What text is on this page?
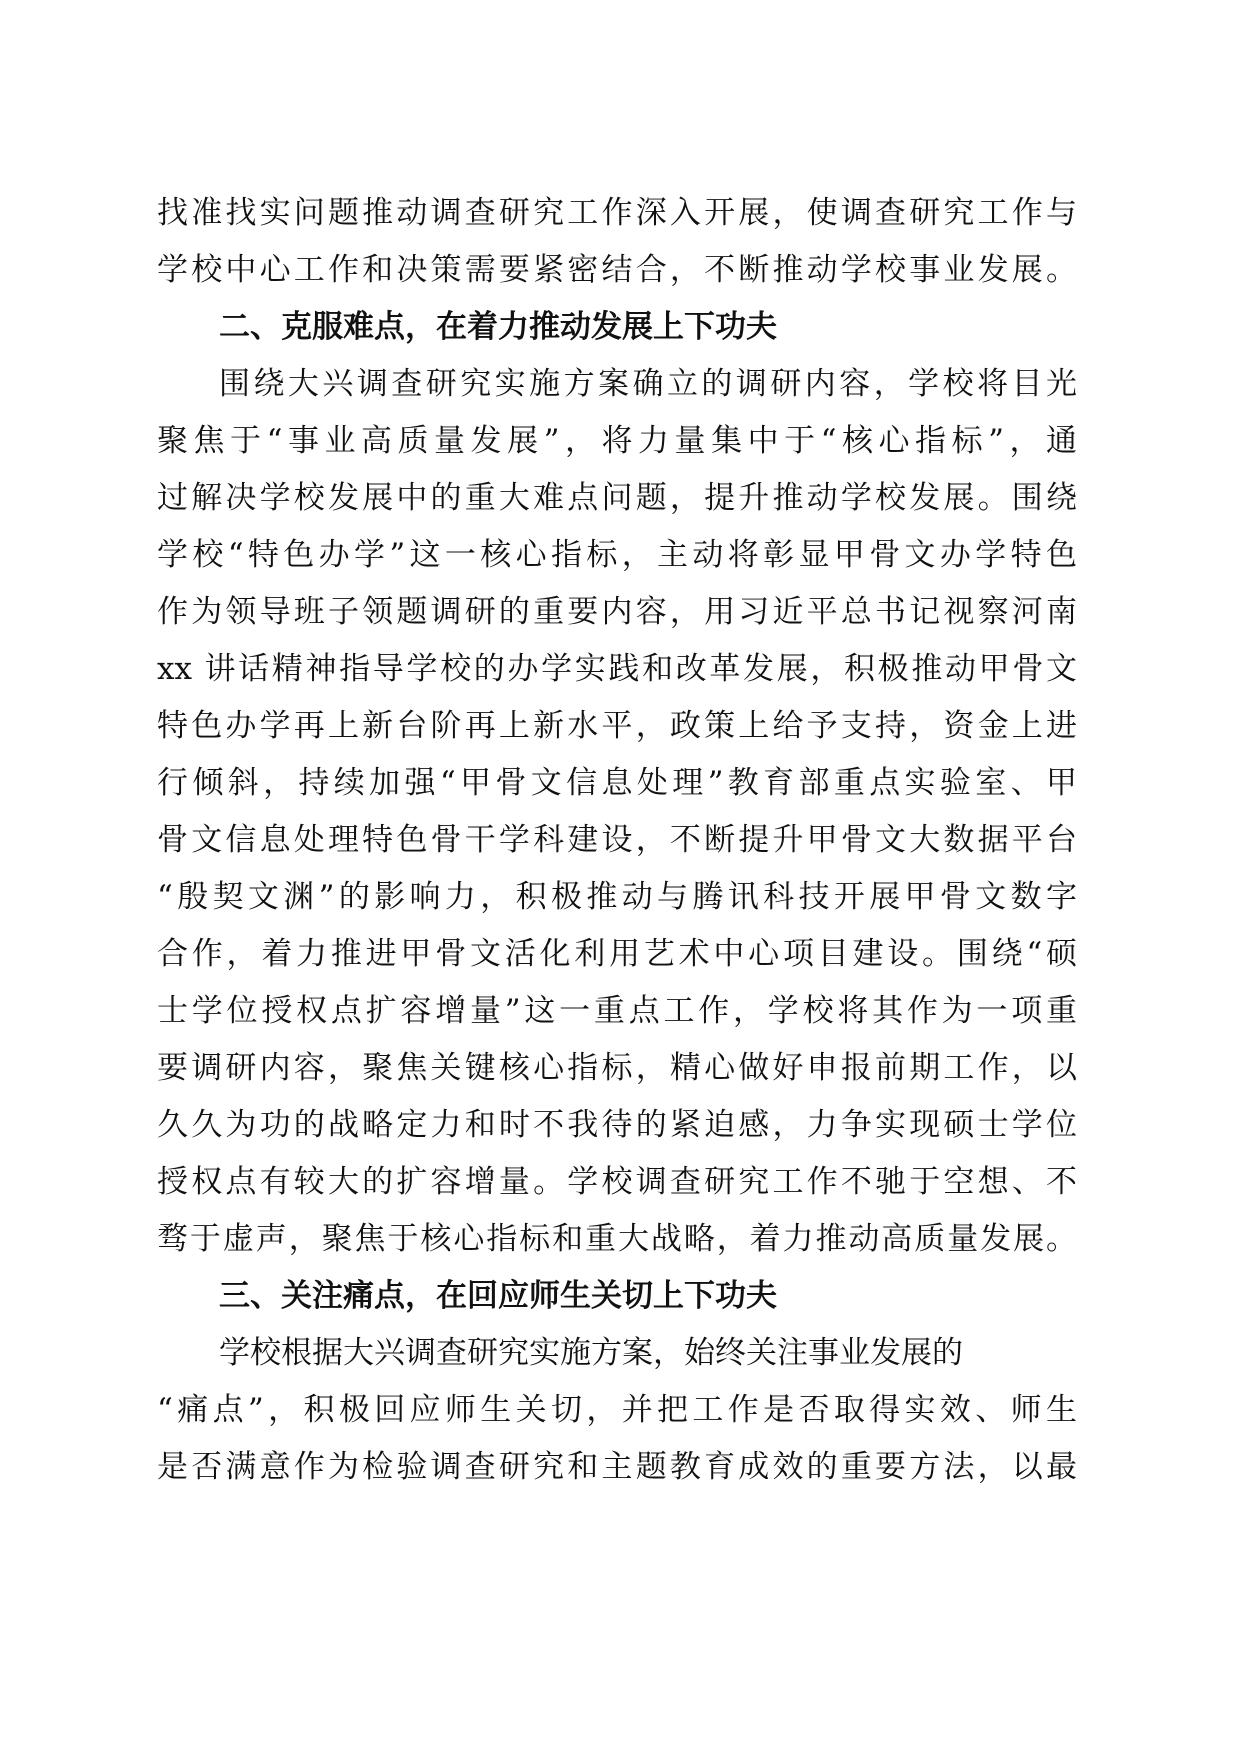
找准找实问题推动调查研究工作深入开展，使调查研究工作与
学校中心工作和决策需要紧密结合，不断推动学校事业发展。
二、克服难点，在着力推动发展上下功夫
围绕大兴调查研究实施方案确立的调研内容，学校将目光
聚焦于“事业高质量发展”，将力量集中于“核心指标”，通
过解决学校发展中的重大难点问题，提升推动学校发展。围绕
学校“特色办学”这一核心指标，主动将彰显甲骨文办学特色
作为领导班子领题调研的重要内容，用习近平总书记视察河南
xx 讲话精神指导学校的办学实践和改革发展，积极推动甲骨文
特色办学再上新台阶再上新水平，政策上给予支持，资金上进
行倾斜，持续加强“甲骨文信息处理”教育部重点实验室、甲
骨文信息处理特色骨干学科建设，不断提升甲骨文大数据平台
“殷契文渊”的影响力，积极推动与腾讯科技开展甲骨文数字
合作，着力推进甲骨文活化利用艺术中心项目建设。围绕“硕
士学位授权点扩容增量”这一重点工作，学校将其作为一项重
要调研内容，聚焦关键核心指标，精心做好申报前期工作，以
久久为功的战略定力和时不我待的紧迫感，力争实现硕士学位
授权点有较大的扩容增量。学校调查研究工作不驰于空想、不
骛于虚声，聚焦于核心指标和重大战略，着力推动高质量发展。
三、关注痛点，在回应师生关切上下功夫
学校根据大兴调查研究实施方案，始终关注事业发展的
“痛点”，积极回应师生关切，并把工作是否取得实效、师生
是否满意作为检验调查研究和主题教育成效的重要方法，以最
